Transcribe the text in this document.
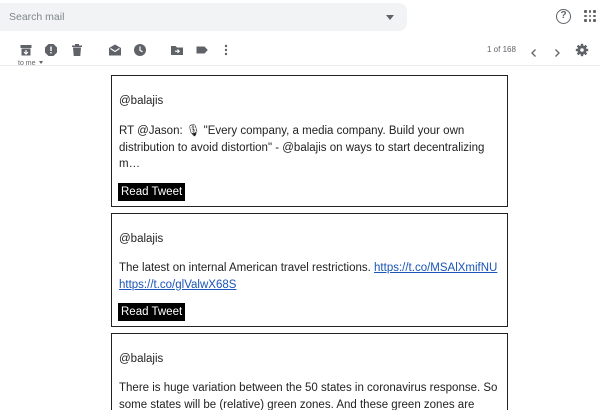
Search mail
?
1 of 168
to me
@balajis
RT @Jason: 🎙 "Every company, a media company. Build your own distribution to avoid distortion" - @balajis on ways to start decentralizing m…
Read Tweet
@balajis
The latest on internal American travel restrictions. https://t.co/MSAlXmifNU https://t.co/glValwX68S
Read Tweet
@balajis
There is huge variation between the 50 states in coronavirus response. So some states will be (relative) green zones. And these green zones are
